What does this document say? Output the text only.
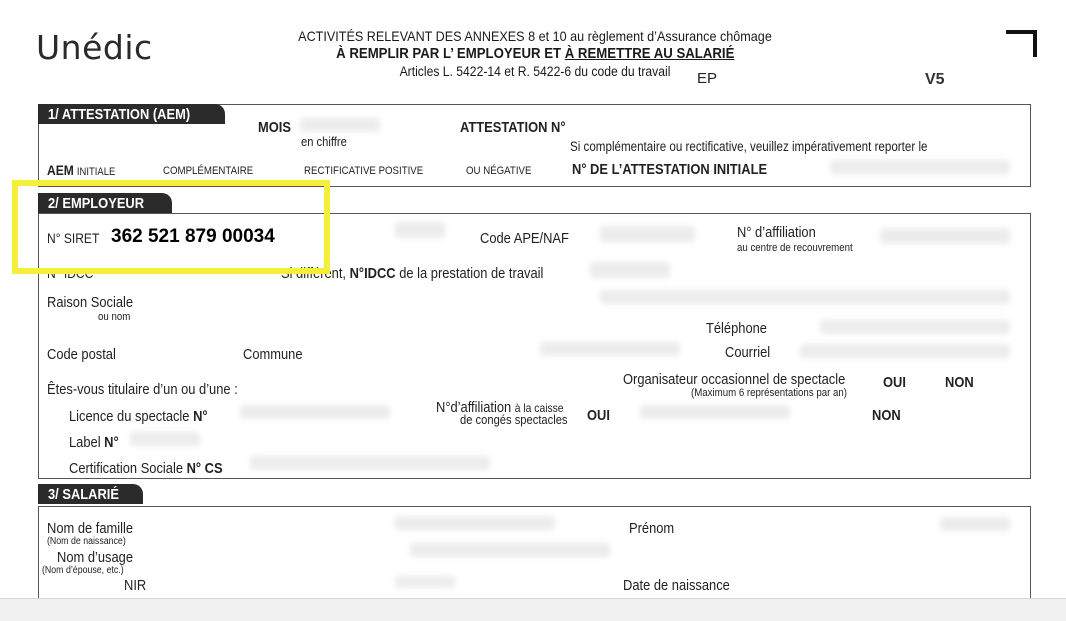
Unédic	ACTIVITÉS RELEVANT DES ANNEXES 8 et 10 au règlement d’Assurance chômage
À REMPLIR PAR L’ EMPLOYEUR ET À REMETTRE AU SALARIÉ
Articles L. 5422-14 et R. 5422-6 du code du travail	EP	V5
1/ ATTESTATION (AEM)
MOIS
en chiffre
ATTESTATION N°
Si complémentaire ou rectificative, veuillez impérativement reporter le
AEM INITIALE	COMPLÉMENTAIRE	RECTIFICATIVE POSITIVE	OU NÉGATIVE	N° DE L’ATTESTATION INITIALE
2/ EMPLOYEUR
N° SIRET 362 521 879 00034	Code APE/NAF	N° d’affiliation
au centre de recouvrement
N° IDCC	Si différent, N°IDCC de la prestation de travail
Raison Sociale
ou nom
Téléphone
Code postal	Commune	Courriel
Êtes-vous titulaire d’un ou d’une :
Organisateur occasionnel de spectacle
(Maximum 6 représentations par an)
OUI	NON
Licence du spectacle N°
N°d’affiliation à la caisse
de congés spectacles OUI	NON
Label N°
Certification Sociale N° CS
3/ SALARIÉ
Nom de famille
(Nom de naissance)
Nom d’usage
(Nom d’épouse, etc.)
NIR
Prénom
Date de naissance
